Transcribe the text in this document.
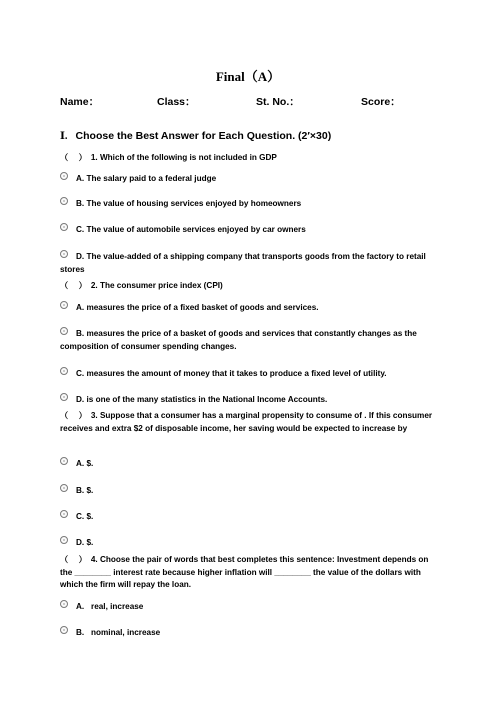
Final（A）
Name：	Class：	St. No.：	Score：
Ⅰ. Choose the Best Answer for Each Question. (2′×30)
（　 ） 1. Which of the following is not included in GDP
A. The salary paid to a federal judge
B. The value of housing services enjoyed by homeowners
C. The value of automobile services enjoyed by car owners
D. The value-added of a shipping company that transports goods from the factory to retail stores
（　 ） 2. The consumer price index (CPI)
A. measures the price of a fixed basket of goods and services.
B. measures the price of a basket of goods and services that constantly changes as the composition of consumer spending changes.
C. measures the amount of money that it takes to produce a fixed level of utility.
D. is one of the many statistics in the National Income Accounts.
（　 ） 3. Suppose that a consumer has a marginal propensity to consume of . If this consumer receives and extra $2 of disposable income, her saving would be expected to increase by
A. $.
B. $.
C. $.
D. $.
（　 ） 4. Choose the pair of words that best completes this sentence: Investment depends on the ________ interest rate because higher inflation will ________ the value of the dollars with which the firm will repay the loan.
A.   real, increase
B.   nominal, increase
